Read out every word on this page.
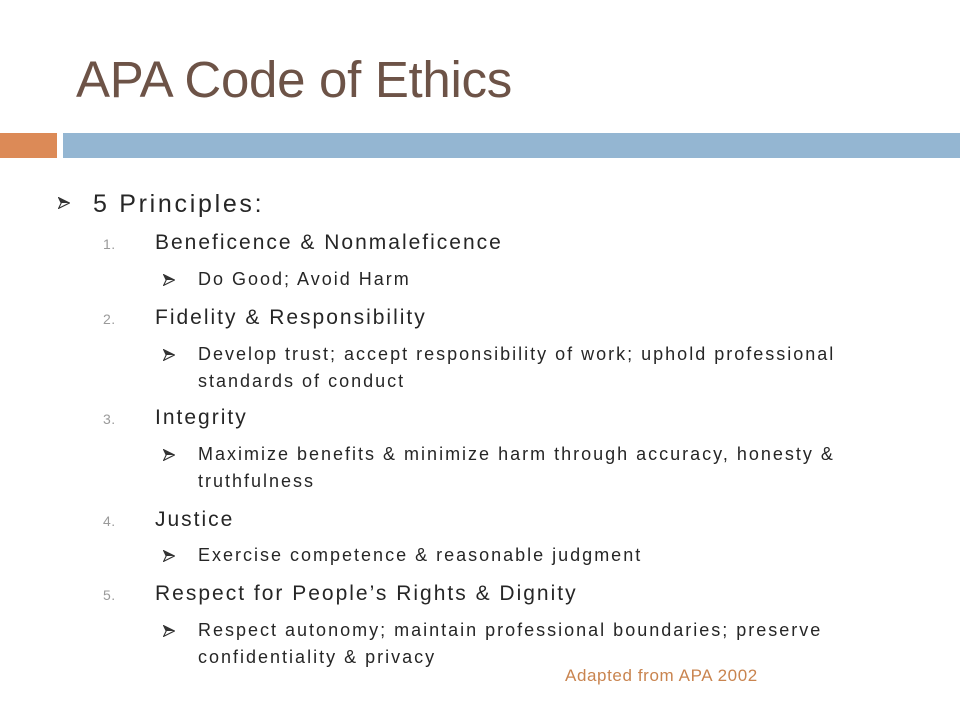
APA Code of Ethics
5 Principles:
1.	Beneficence & Nonmaleficence
Do Good; Avoid Harm
2.	Fidelity & Responsibility
Develop trust; accept responsibility of work; uphold professional standards of conduct
3.	Integrity
Maximize benefits & minimize harm through accuracy, honesty & truthfulness
4.	Justice
Exercise competence & reasonable judgment
5.	Respect for People’s Rights & Dignity
Respect autonomy; maintain professional boundaries; preserve confidentiality & privacy
Adapted from APA 2002
